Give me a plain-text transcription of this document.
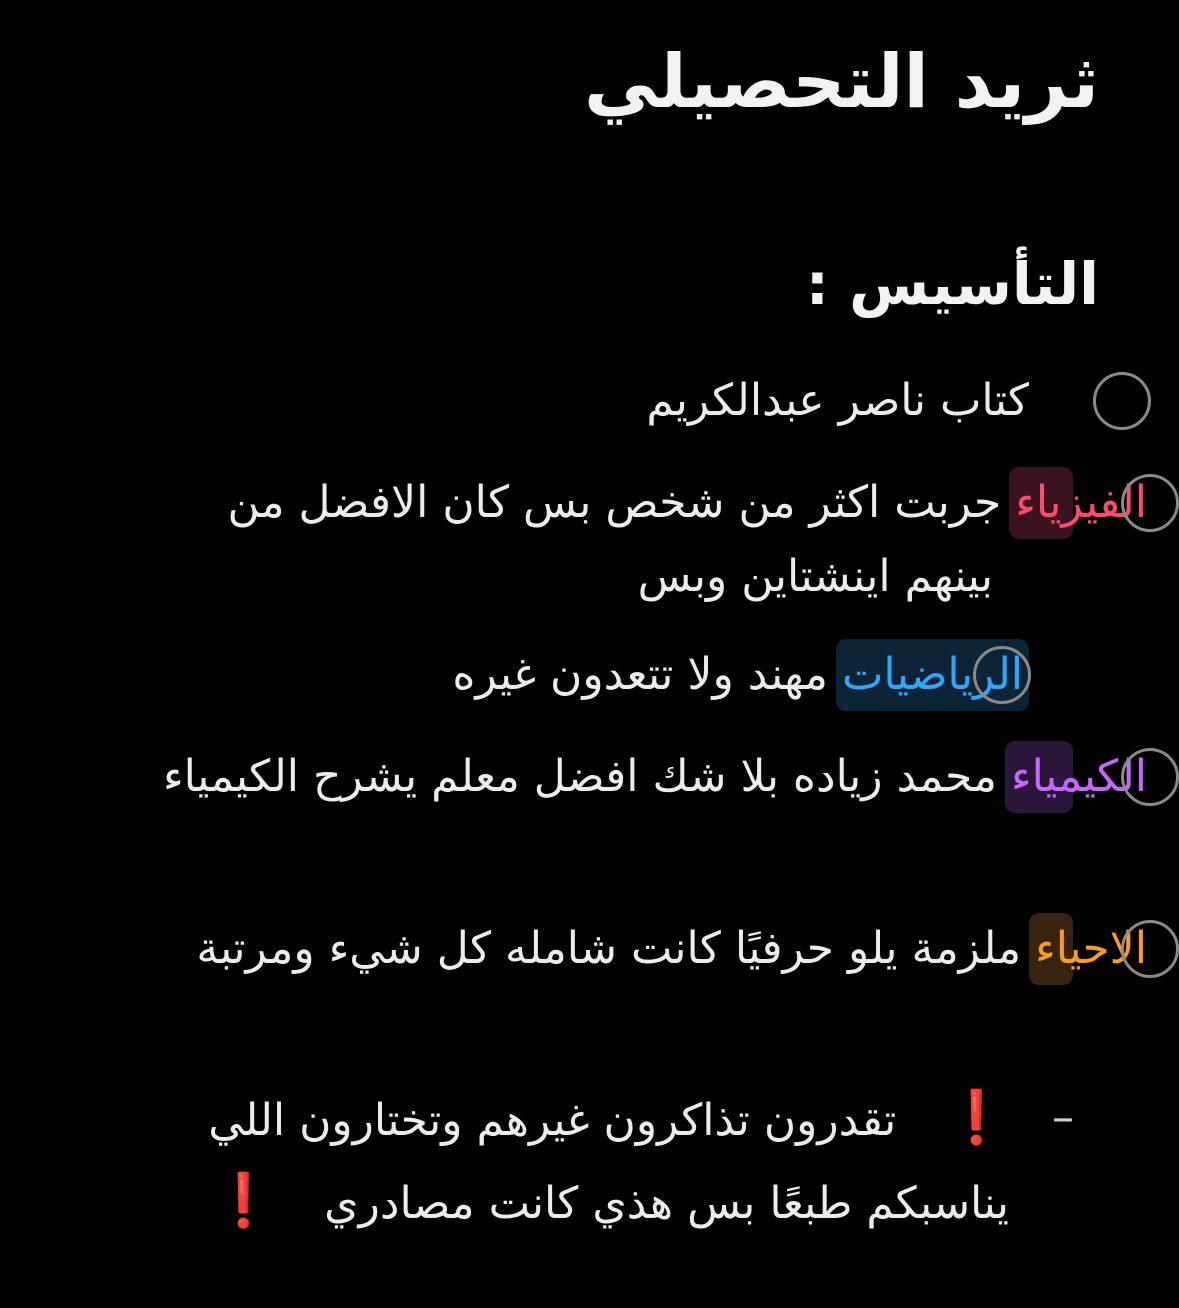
ثريد التحصيلي
التأسيس :
كتاب ناصر عبدالكريم
الفيزياءجربت اكثر من شخص بس كان الافضل من بينهم اينشتاين وبس
الرياضياتمهند ولا تتعدون غيره
الكيمياءمحمد زياده بلا شك افضل معلم يشرح الكيمياء
الاحياءملزمة يلو حرفيًا كانت شامله كل شيء ومرتبة
–
❗  تقدرون تذاكرون غيرهم وتختارون اللي يناسبكم طبعًا بس هذي كانت مصادري  ❗
